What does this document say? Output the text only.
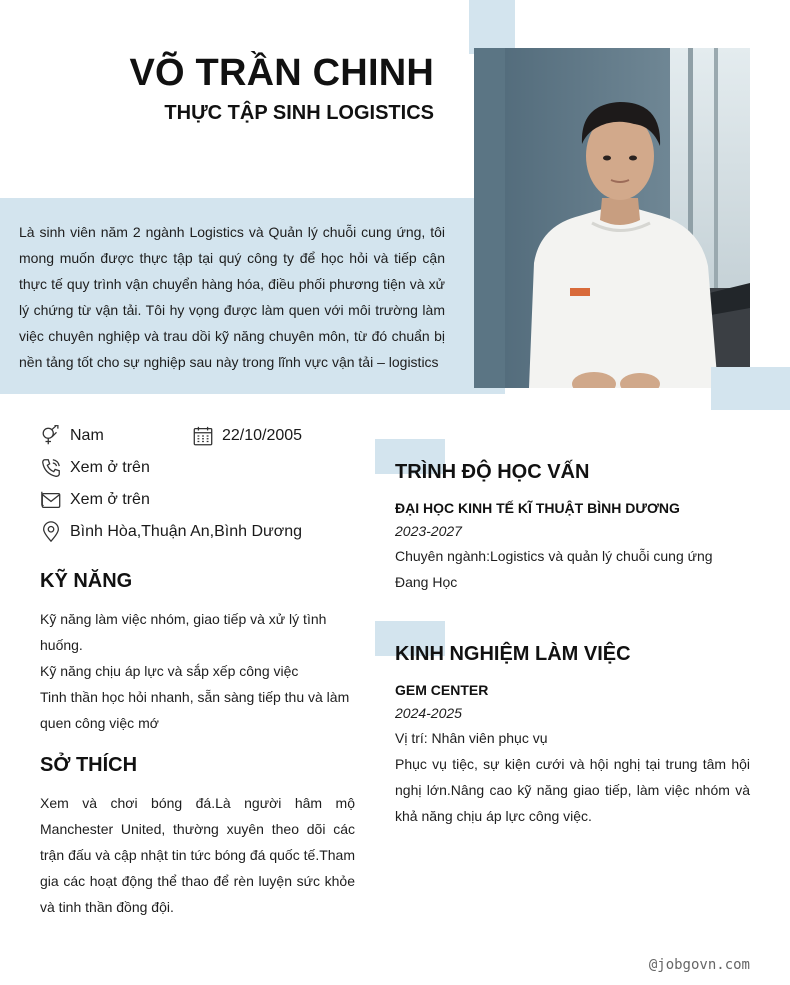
VÕ TRẦN CHINH
THỰC TẬP SINH LOGISTICS
Là sinh viên năm 2 ngành Logistics và Quản lý chuỗi cung ứng, tôi mong muốn được thực tập tại quý công ty để học hỏi và tiếp cận thực tế quy trình vận chuyển hàng hóa, điều phối phương tiện và xử lý chứng từ vận tải. Tôi hy vọng được làm quen với môi trường làm việc chuyên nghiệp và trau dồi kỹ năng chuyên môn, từ đó chuẩn bị nền tảng tốt cho sự nghiệp sau này trong lĩnh vực vận tải – logistics
Nam	22/10/2005
Xem ở trên
Xem ở trên
Bình Hòa,Thuận An,Bình Dương
KỸ NĂNG
Kỹ năng làm việc nhóm, giao tiếp và xử lý tình huống.
Kỹ năng chịu áp lực và sắp xếp công việc
Tinh thần học hỏi nhanh, sẵn sàng tiếp thu và làm quen công việc mớ
SỞ THÍCH
Xem và chơi bóng đá.Là người hâm mộ Manchester United, thường xuyên theo dõi các trận đấu và cập nhật tin tức bóng đá quốc tế.Tham gia các hoạt động thể thao để rèn luyện sức khỏe và tinh thần đồng đội.
TRÌNH ĐỘ HỌC VẤN
ĐẠI HỌC KINH TẾ KĨ THUẬT BÌNH DƯƠNG
2023-2027
Chuyên ngành:Logistics và quản lý chuỗi cung ứng
Đang Học
KINH NGHIỆM LÀM VIỆC
GEM CENTER
2024-2025
Vị trí: Nhân viên phục vụ
Phục vụ tiệc, sự kiện cưới và hội nghị tại trung tâm hội nghị lớn.Nâng cao kỹ năng giao tiếp, làm việc nhóm và khả năng chịu áp lực công việc.
@jobgovn.com
